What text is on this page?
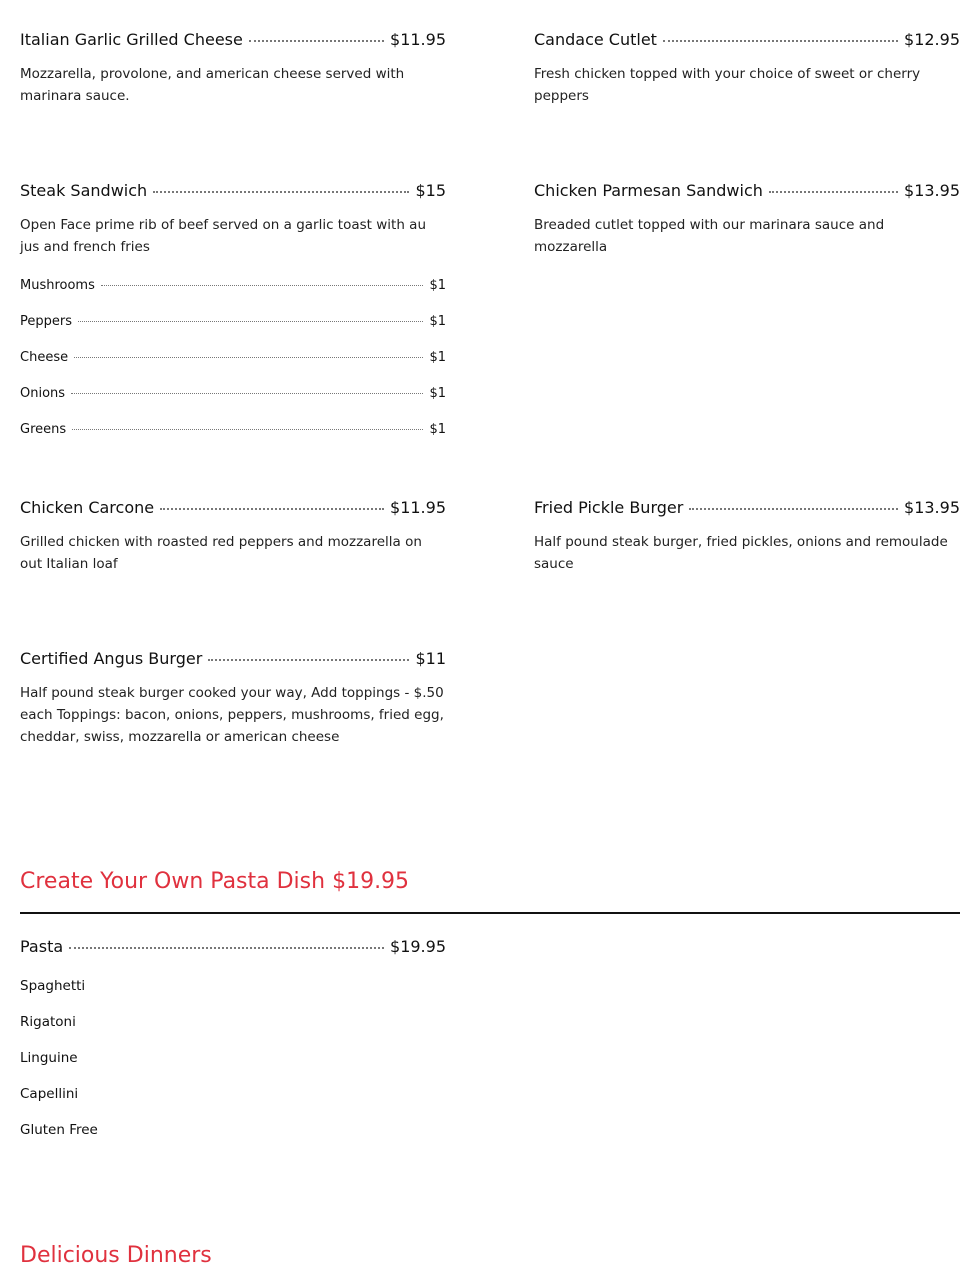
Italian Garlic Grilled Cheese	$11.95
Mozzarella, provolone, and american cheese served with marinara sauce.
Candace Cutlet	$12.95
Fresh chicken topped with your choice of sweet or cherry peppers
Steak Sandwich	$15
Open Face prime rib of beef served on a garlic toast with au jus and french fries
Mushrooms	$1
Peppers	$1
Cheese	$1
Onions	$1
Greens	$1
Chicken Parmesan Sandwich	$13.95
Breaded cutlet topped with our marinara sauce and mozzarella
Chicken Carcone	$11.95
Grilled chicken with roasted red peppers and mozzarella on out Italian loaf
Fried Pickle Burger	$13.95
Half pound steak burger, fried pickles, onions and remoulade sauce
Certified Angus Burger	$11
Half pound steak burger cooked your way, Add toppings - $.50 each Toppings: bacon, onions, peppers, mushrooms, fried egg, cheddar, swiss, mozzarella or american cheese
Create Your Own Pasta Dish $19.95
Pasta	$19.95
Spaghetti
Rigatoni
Linguine
Capellini
Gluten Free
Delicious Dinners
